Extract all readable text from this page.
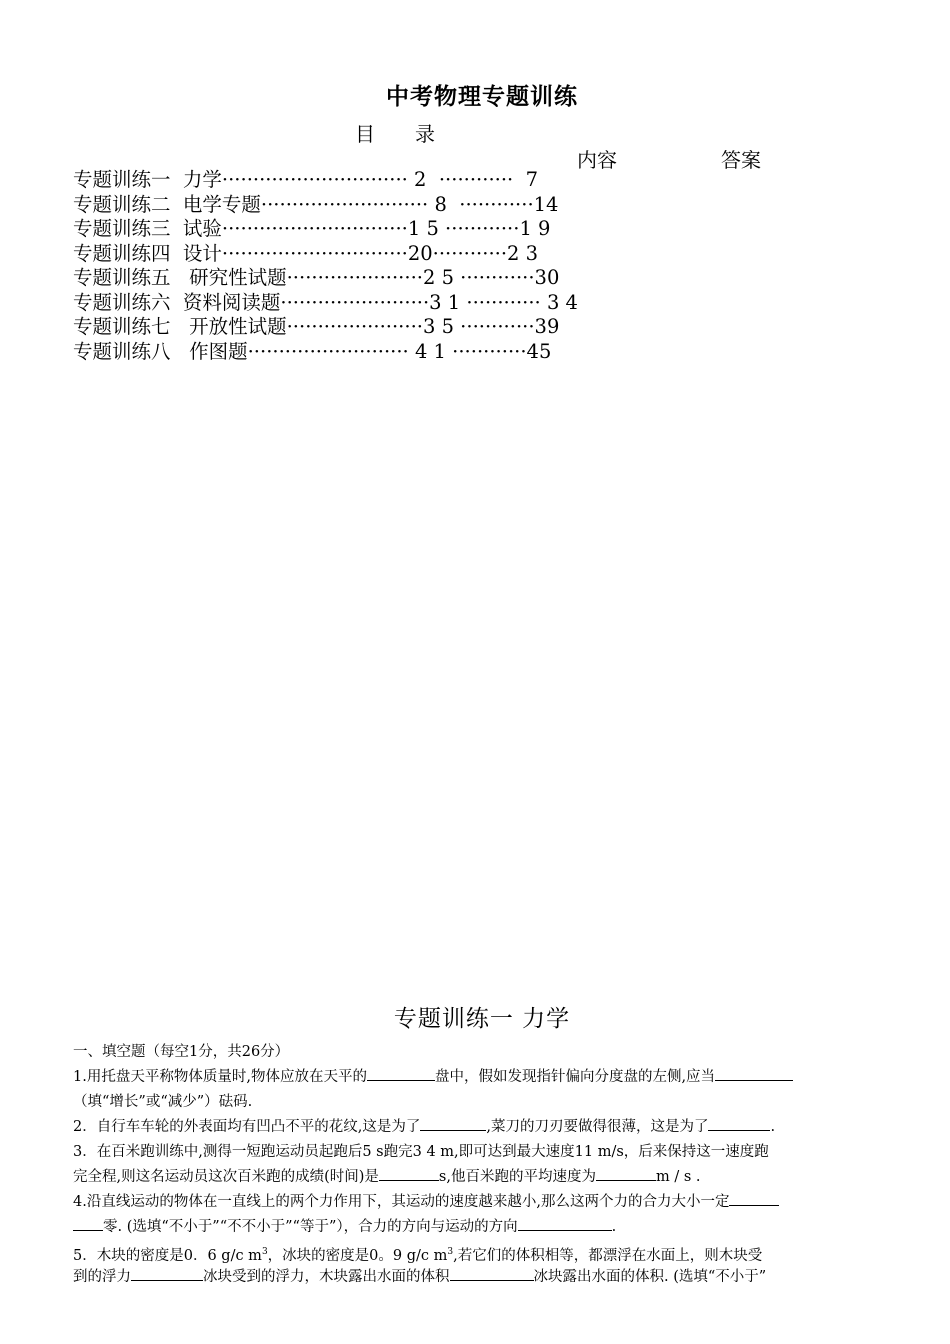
中考物理专题训练
目　　录
内容	答案
专题训练一  力学······························ 2  ············  7
专题训练二  电学专题··························· 8  ············14
专题训练三  试验······························1 5 ············1 9
专题训练四  设计······························20············2 3
专题训练五   研究性试题······················2 5 ············30
专题训练六  资料阅读题························3 1 ············ 3 4
专题训练七   开放性试题······················3 5 ············39
专题训练八   作图题·························· 4 1 ············45
专题训练一 力学
一、填空题（每空1分，共26分）
1.用托盘天平称物体质量时,物体应放在天平的	盘中，假如发现指针偏向分度盘的左侧,应当
（填“增长”或“减少”）砝码.
2．自行车车轮的外表面均有凹凸不平的花纹,这是为了	,菜刀的刀刃要做得很薄，这是为了	.
3．在百米跑训练中,测得一短跑运动员起跑后5 s跑完3 4 m,即可达到最大速度11 m/s，后来保持这一速度跑
完全程,则这名运动员这次百米跑的成绩(时间)是	s,他百米跑的平均速度为	m / s .
4.沿直线运动的物体在一直线上的两个力作用下，其运动的速度越来越小,那么这两个力的合力大小一定
零. (选填“不小于”“不不小于”“等于”），合力的方向与运动的方向	.
5．木块的密度是0．6 g/c $m^3$，冰块的密度是0。9 g/c $m^3$,若它们的体积相等，都漂浮在水面上，则木块受
到的浮力	冰块受到的浮力，木块露出水面的体积	冰块露出水面的体积. (选填“不小于”
